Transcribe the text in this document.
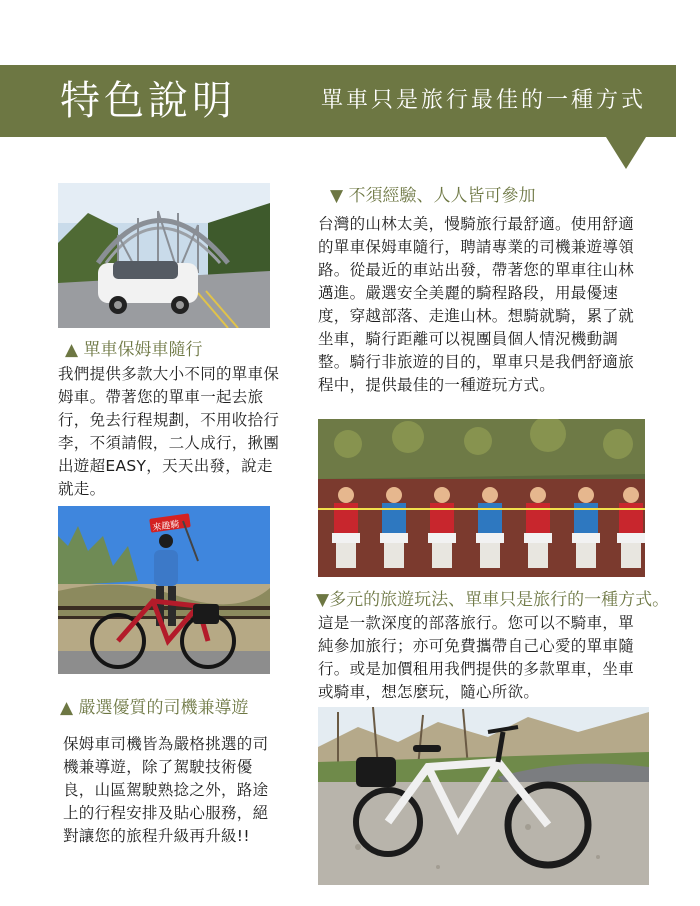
特色說明	單車只是旅行最佳的一種方式
▲ 單車保姆車隨行
我們提供多款大小不同的單車保姆車。帶著您的單車一起去旅行，免去行程規劃，不用收拾行李，不須請假，二人成行，揪團出遊超EASY，天天出發，說走就走。
來趣騎
▲ 嚴選優質的司機兼導遊
保姆車司機皆為嚴格挑選的司機兼導遊，除了駕駛技術優良，山區駕駛熟捻之外，路途上的行程安排及貼心服務，絕對讓您的旅程升級再升級!!
▼ 不須經驗、人人皆可參加
台灣的山林太美，慢騎旅行最舒適。使用舒適的單車保姆車隨行，聘請專業的司機兼遊導領路。從最近的車站出發，帶著您的單車往山林邁進。嚴選安全美麗的騎程路段，用最優速度，穿越部落、走進山林。想騎就騎，累了就坐車，騎行距離可以視團員個人情況機動調整。騎行非旅遊的目的，單車只是我們舒適旅程中，提供最佳的一種遊玩方式。
▼多元的旅遊玩法、單車只是旅行的一種方式。
這是一款深度的部落旅行。您可以不騎車，單純參加旅行；亦可免費攜帶自己心愛的單車隨行。或是加價租用我們提供的多款單車，坐車或騎車，想怎麼玩，隨心所欲。
